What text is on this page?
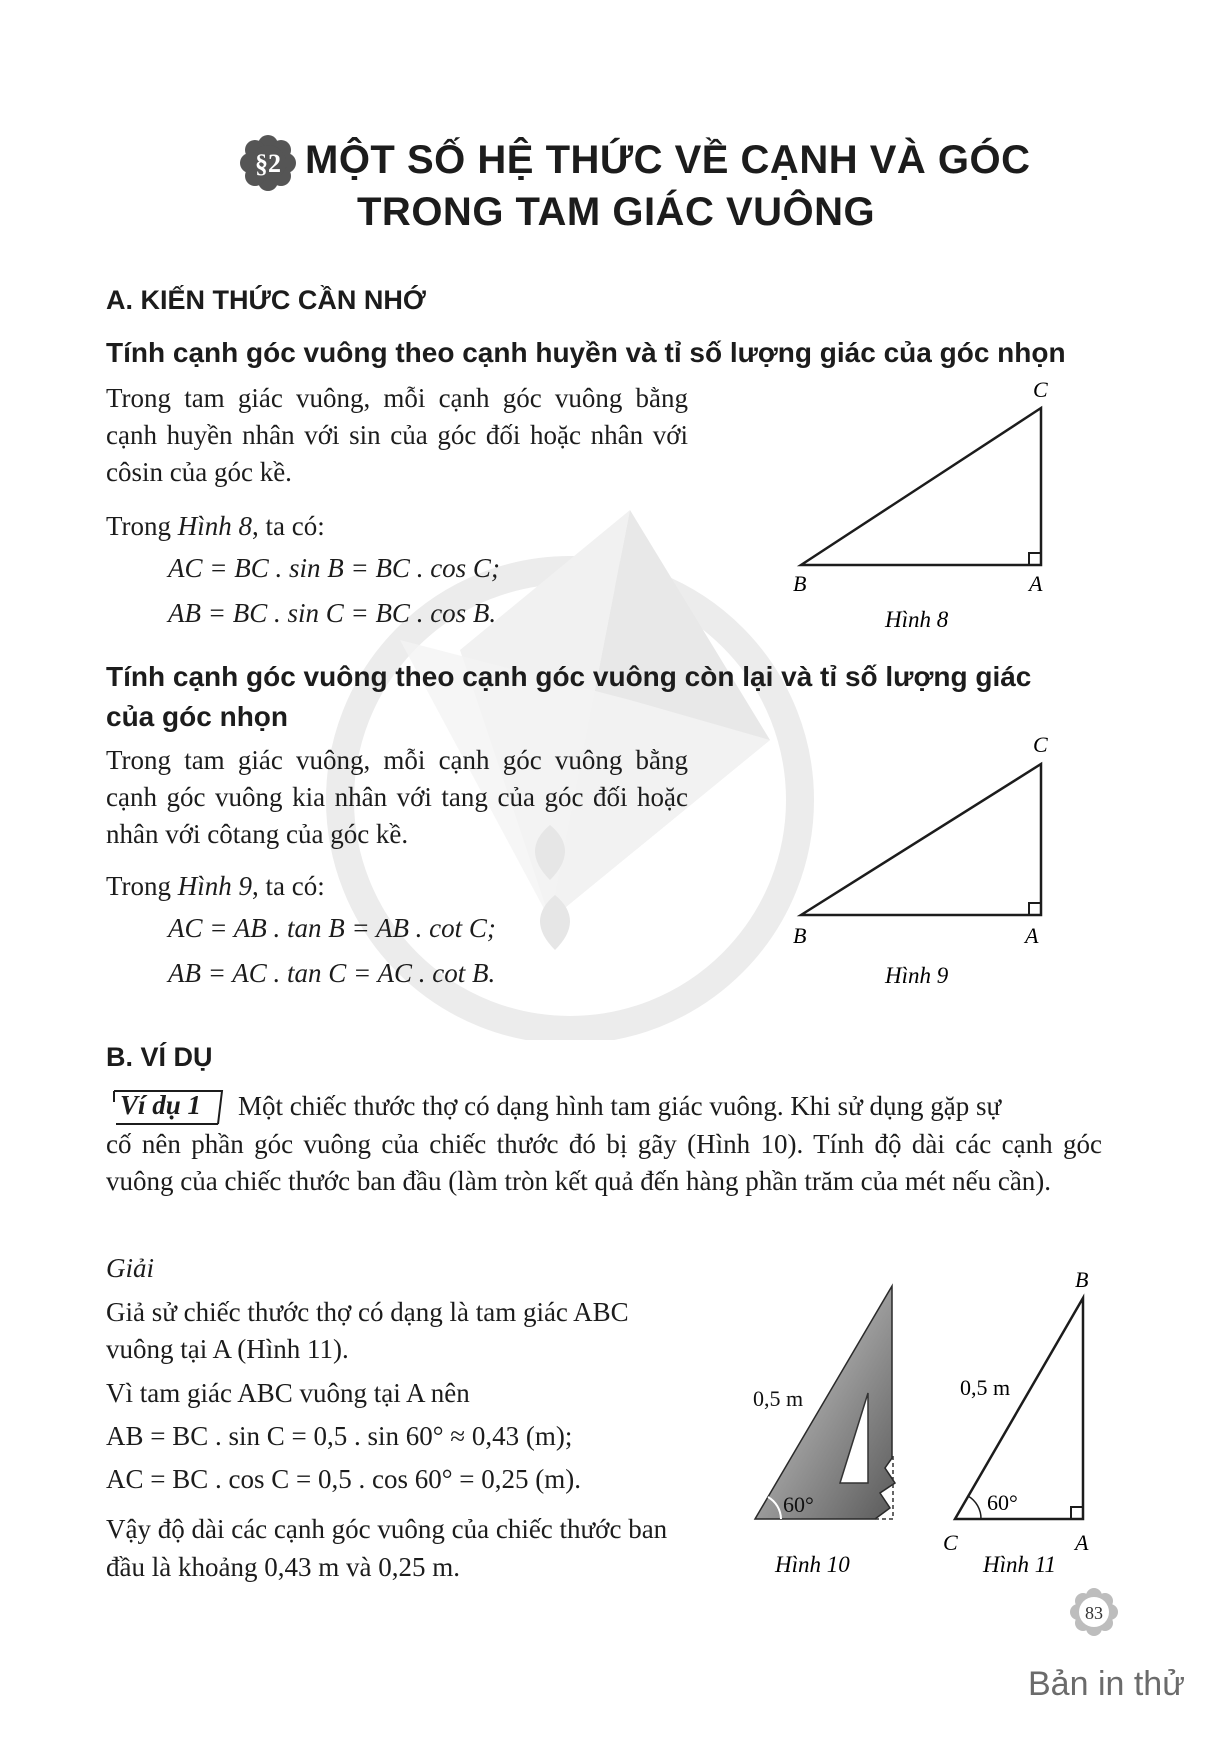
§2 MỘT SỐ HỆ THỨC VỀ CẠNH VÀ GÓC
TRONG TAM GIÁC VUÔNG
A. KIẾN THỨC CẦN NHỚ
Tính cạnh góc vuông theo cạnh huyền và tỉ số lượng giác của góc nhọn
Trong tam giác vuông, mỗi cạnh góc vuông bằng cạnh huyền nhân với sin của góc đối hoặc nhân với côsin của góc kề.
Trong Hình 8, ta có:
AC = BC . sin B = BC . cos C;
AB = BC . sin C = BC . cos B.
C
B	A
Hình 8
Tính cạnh góc vuông theo cạnh góc vuông còn lại và tỉ số lượng giác
của góc nhọn
Trong tam giác vuông, mỗi cạnh góc vuông bằng cạnh góc vuông kia nhân với tang của góc đối hoặc nhân với côtang của góc kề.
Trong Hình 9, ta có:
AC = AB . tan B = AB . cot C;
AB = AC . tan C = AC . cot B.
C
B	A
Hình 9
B. VÍ DỤ
Ví dụ 1 Một chiếc thước thợ có dạng hình tam giác vuông. Khi sử dụng gặp sự
cố nên phần góc vuông của chiếc thước đó bị gãy (Hình 10). Tính độ dài các cạnh góc vuông của chiếc thước ban đầu (làm tròn kết quả đến hàng phần trăm của mét nếu cần).
Giải
Giả sử chiếc thước thợ có dạng là tam giác ABC
vuông tại A (Hình 11).
Vì tam giác ABC vuông tại A nên
AB = BC . sin C = 0,5 . sin 60° ≈ 0,43 (m);
AC = BC . cos C = 0,5 . cos 60° = 0,25 (m).
Vậy độ dài các cạnh góc vuông của chiếc thước ban
đầu là khoảng 0,43 m và 0,25 m.
60°
0,5 m
Hình 10
B
C	A
60°
0,5 m
Hình 11
83
Bản in thử
